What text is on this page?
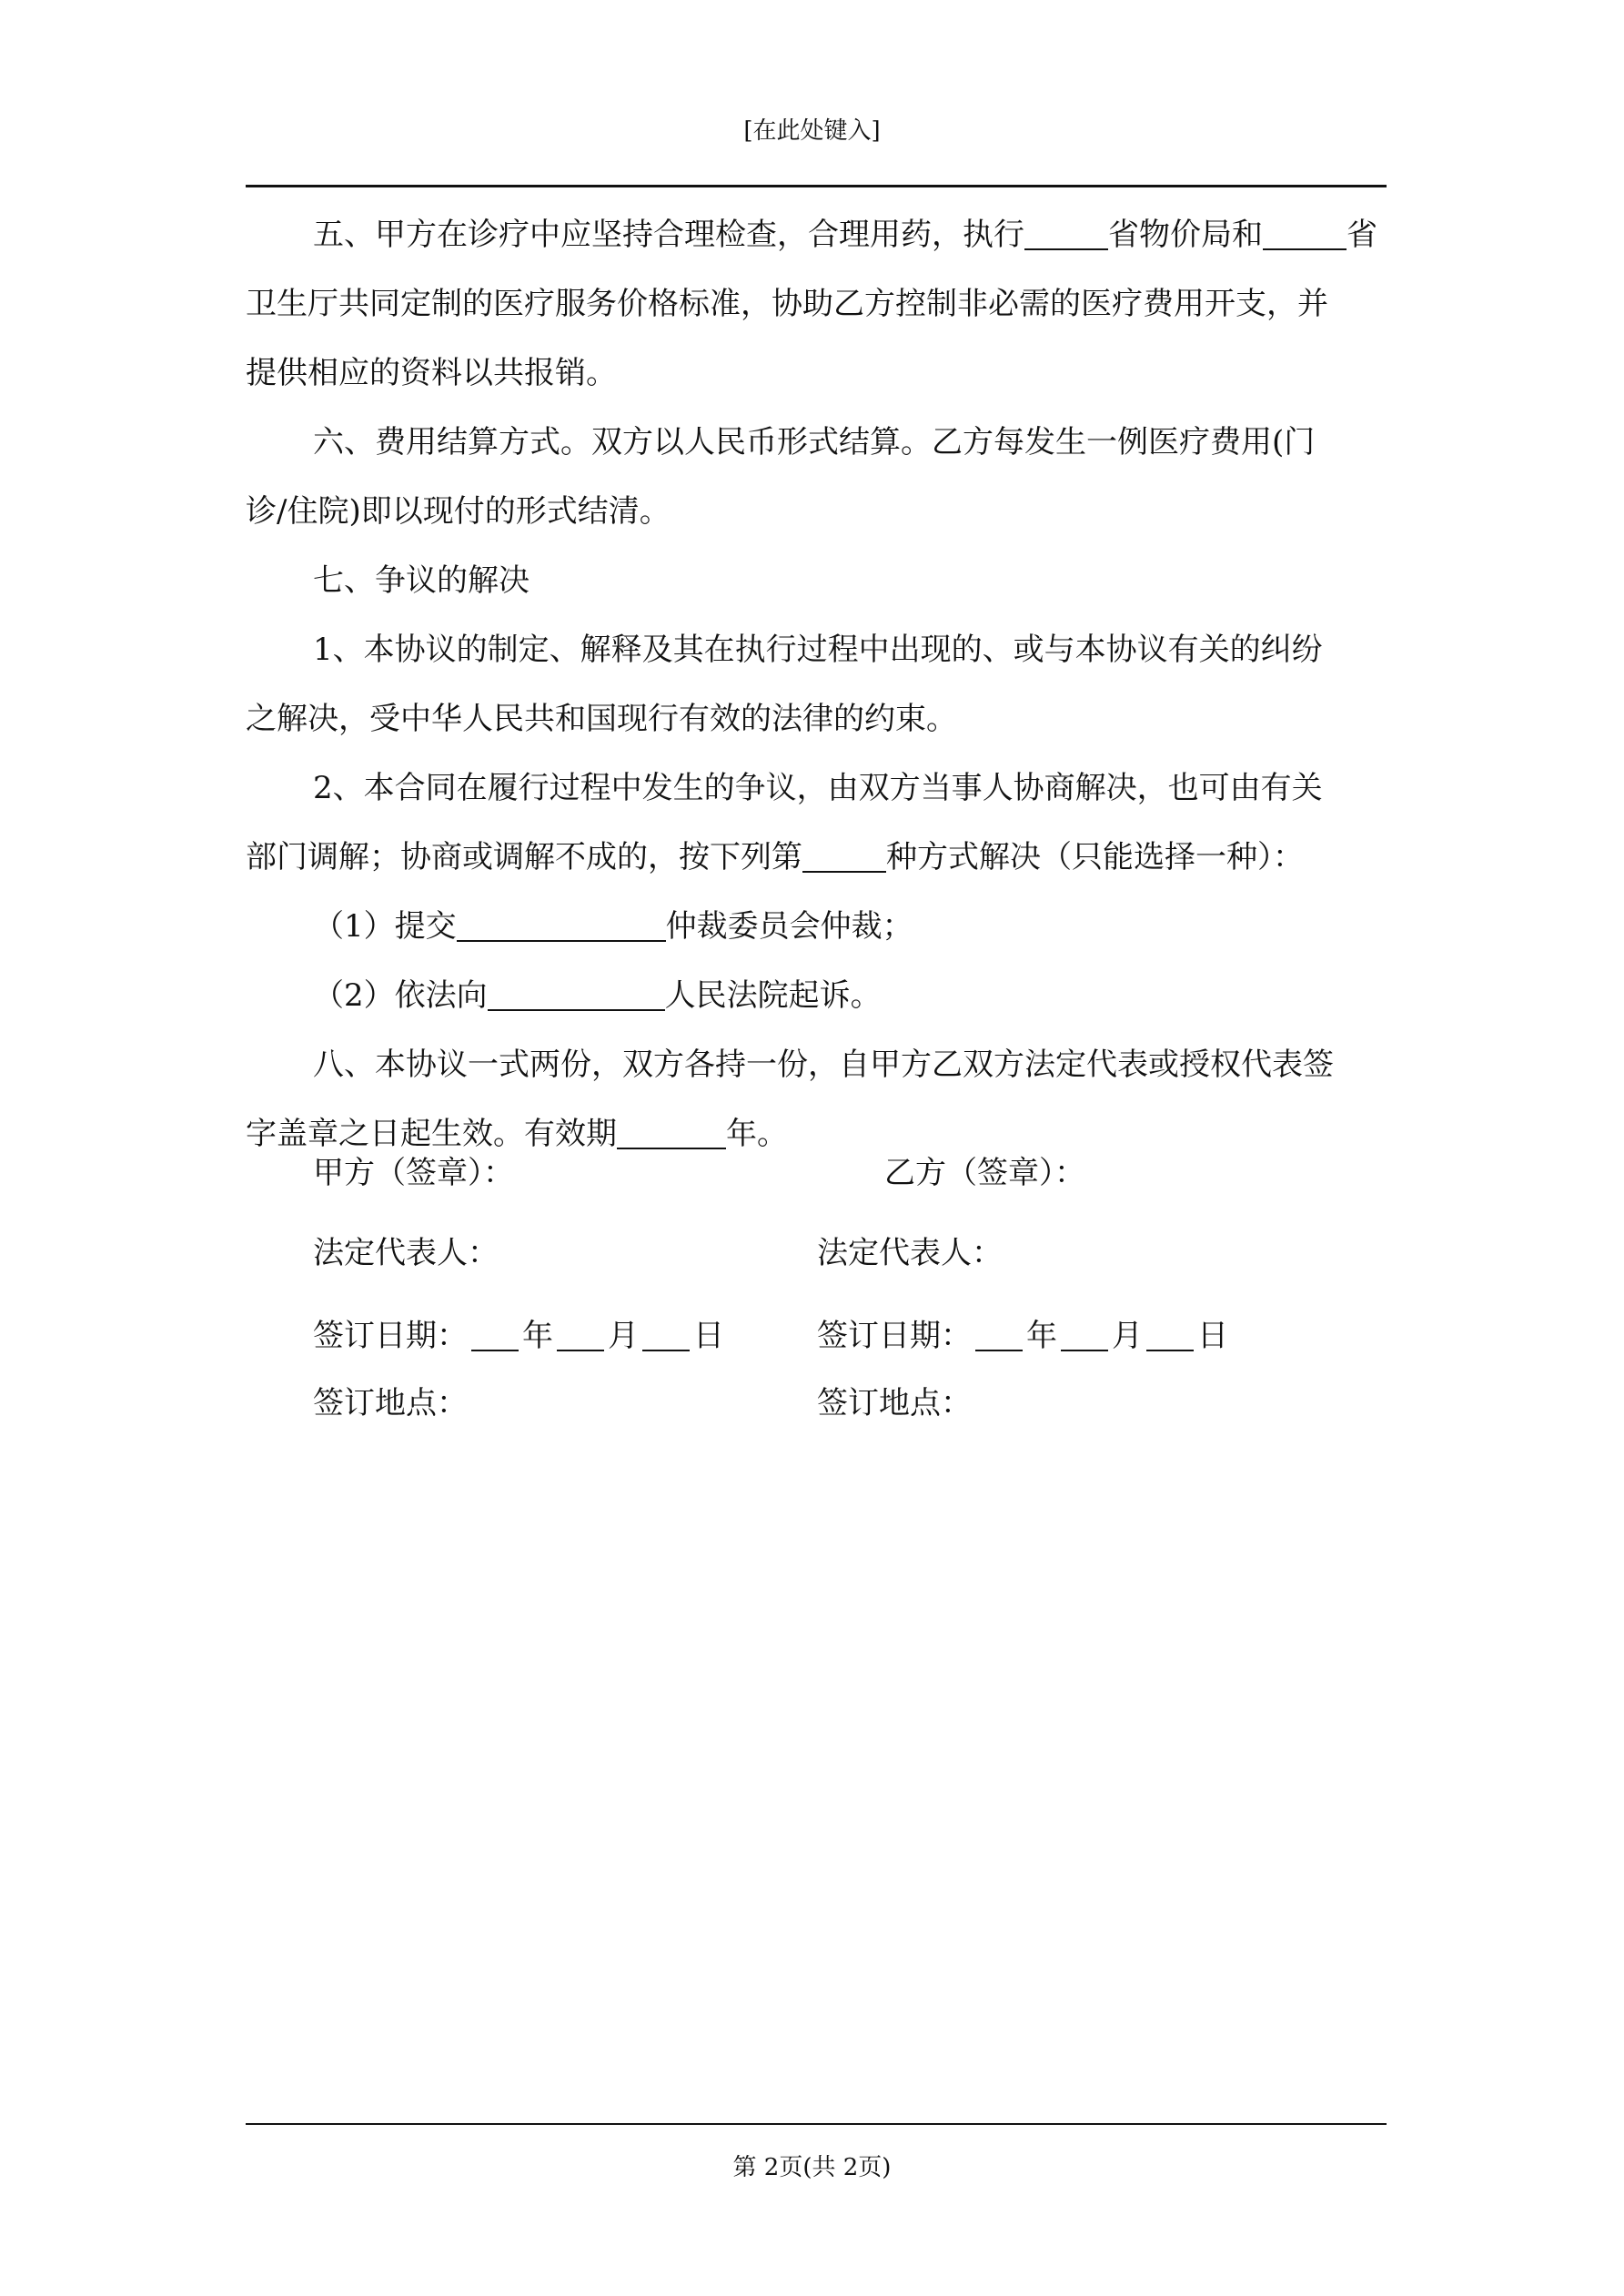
[在此处键入]
五、甲方在诊疗中应坚持合理检查，合理用药，执行	省物价局和	省
卫生厅共同定制的医疗服务价格标准，协助乙方控制非必需的医疗费用开支，并
提供相应的资料以共报销。
六、费用结算方式。双方以人民币形式结算。乙方每发生一例医疗费用(门
诊/住院)即以现付的形式结清。
七、争议的解决
1、本协议的制定、解释及其在执行过程中出现的、或与本协议有关的纠纷
之解决，受中华人民共和国现行有效的法律的约束。
2、本合同在履行过程中发生的争议，由双方当事人协商解决，也可由有关
部门调解；协商或调解不成的，按下列第	种方式解决（只能选择一种）：
（1）提交	仲裁委员会仲裁；
（2）依法向	人民法院起诉。
八、本协议一式两份，双方各持一份，自甲方乙双方法定代表或授权代表签
字盖章之日起生效。有效期	年。
甲方（签章）：	乙方（签章）：
法定代表人：	法定代表人：
签订日期： 年 月 日	签订日期： 年 月 日
签订地点：	签订地点：
第 2页(共 2页)
